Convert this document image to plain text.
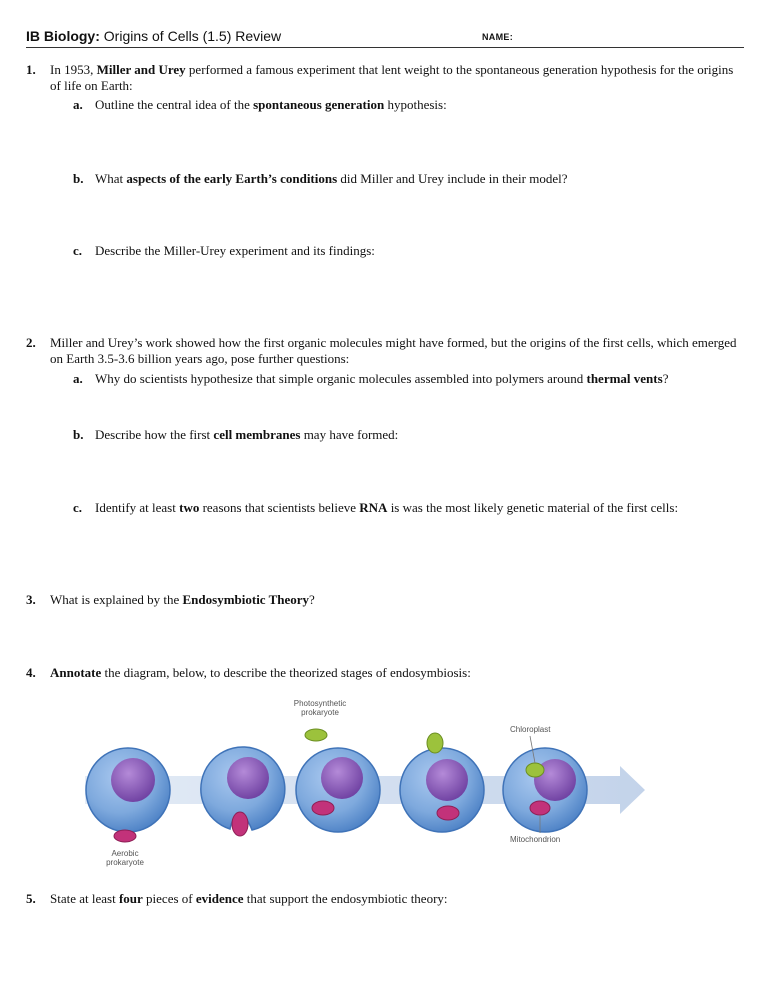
IB Biology: Origins of Cells (1.5) Review	NAME:
1. In 1953, Miller and Urey performed a famous experiment that lent weight to the spontaneous generation hypothesis for the origins of life on Earth:
a. Outline the central idea of the spontaneous generation hypothesis:
b. What aspects of the early Earth’s conditions did Miller and Urey include in their model?
c. Describe the Miller-Urey experiment and its findings:
2. Miller and Urey’s work showed how the first organic molecules might have formed, but the origins of the first cells, which emerged on Earth 3.5-3.6 billion years ago, pose further questions:
a. Why do scientists hypothesize that simple organic molecules assembled into polymers around thermal vents?
b. Describe how the first cell membranes may have formed:
c. Identify at least two reasons that scientists believe RNA is was the most likely genetic material of the first cells:
3. What is explained by the Endosymbiotic Theory?
4. Annotate the diagram, below, to describe the theorized stages of endosymbiosis:
Aerobic prokaryote
Photosynthetic prokaryote
Chloroplast
Mitochondrion
5. State at least four pieces of evidence that support the endosymbiotic theory:
